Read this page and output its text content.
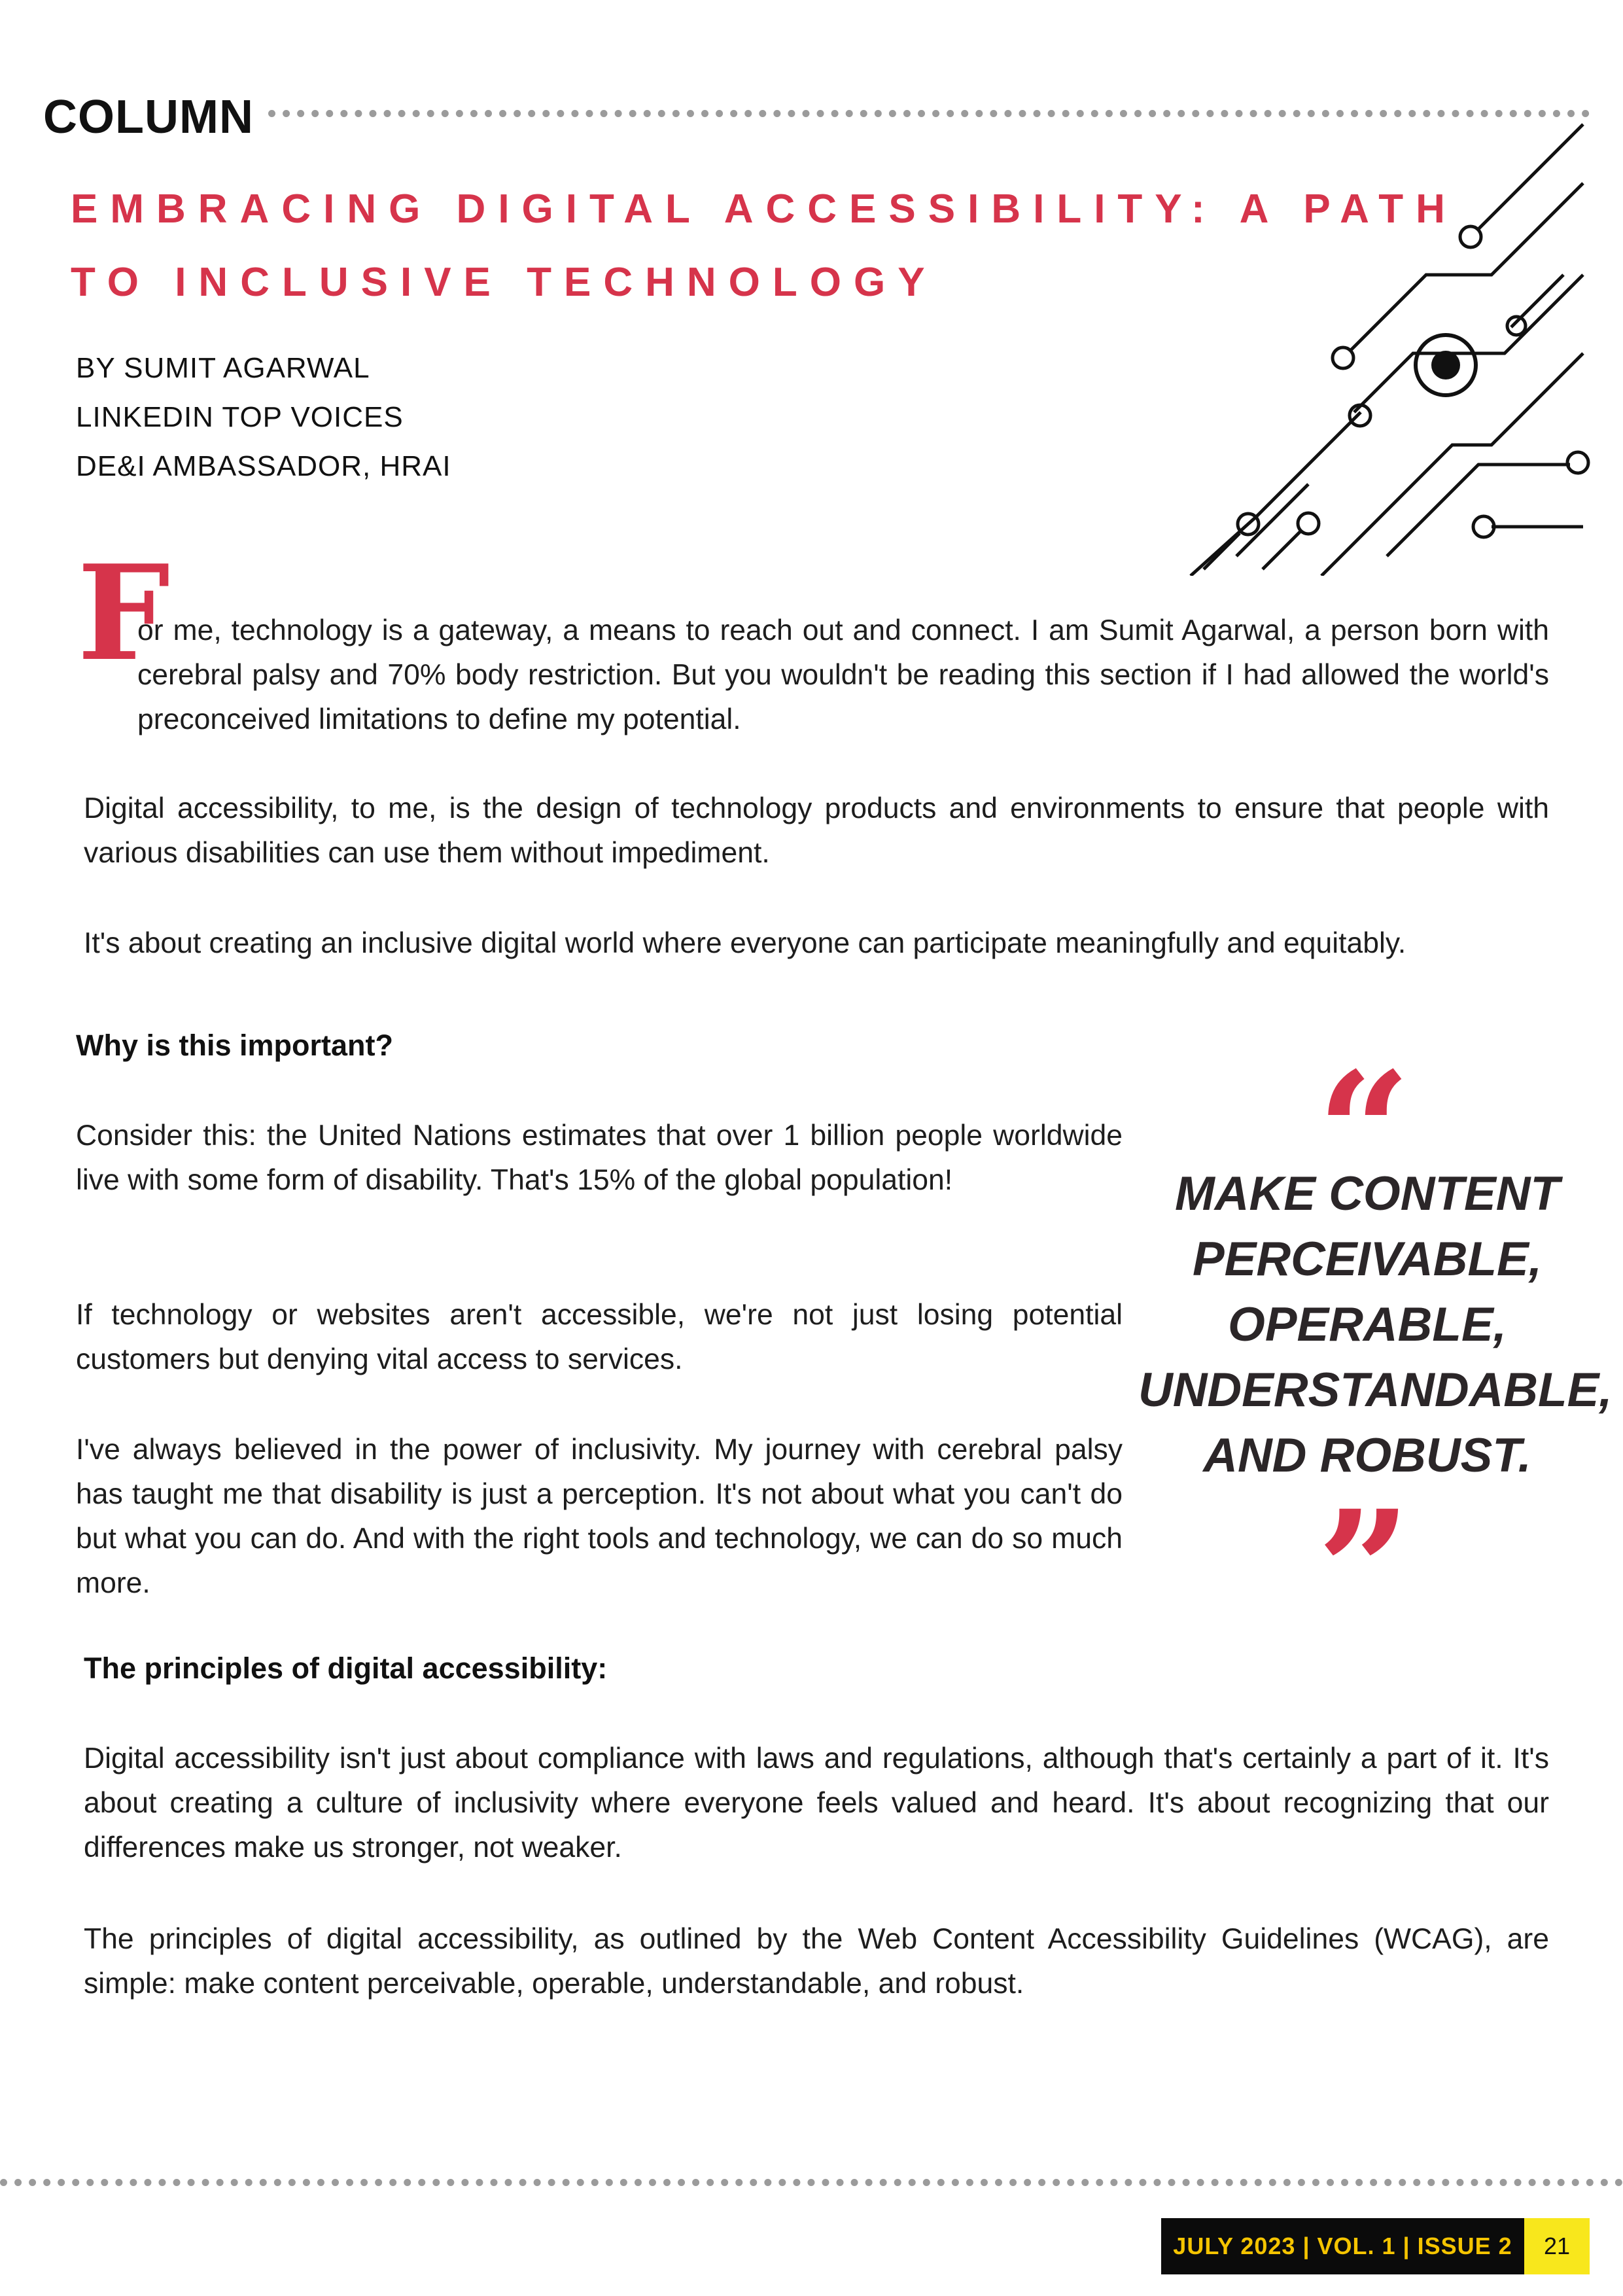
COLUMN
EMBRACING DIGITAL ACCESSIBILITY: A PATH
TO INCLUSIVE TECHNOLOGY
BY SUMIT AGARWAL
LINKEDIN TOP VOICES
DE&I AMBASSADOR, HRAI
F

or me, technology is a gateway, a means to reach out and connect. I am Sumit Agarwal, a person born with cerebral palsy and 70% body restriction. But you wouldn't be reading this section if I had allowed the world's preconceived limitations to define my potential.

Digital accessibility, to me, is the design of technology products and environments to ensure that people with various disabilities can use them without impediment.

It's about creating an inclusive digital world where everyone can participate meaningfully and equitably.

Why is this important?

Consider this: the United Nations estimates that over 1 billion people worldwide live with some form of disability. That's 15% of the global population!

If technology or websites aren't accessible, we're not just losing potential customers but denying vital access to services.

I've always believed in the power of inclusivity. My journey with cerebral palsy has taught me that disability is just a perception. It's not about what you can't do but what you can do. And with the right tools and technology, we can do so much more.

“
MAKE CONTENT PERCEIVABLE, OPERABLE, UNDERSTANDABLE, AND ROBUST.
”

The principles of digital accessibility:

Digital accessibility isn't just about compliance with laws and regulations, although that's certainly a part of it. It's about creating a culture of inclusivity where everyone feels valued and heard. It's about recognizing that our differences make us stronger, not weaker.

The principles of digital accessibility, as outlined by the Web Content Accessibility Guidelines (WCAG), are simple: make content perceivable, operable, understandable, and robust.

JULY 2023 | VOL. 1 | ISSUE 2	21
